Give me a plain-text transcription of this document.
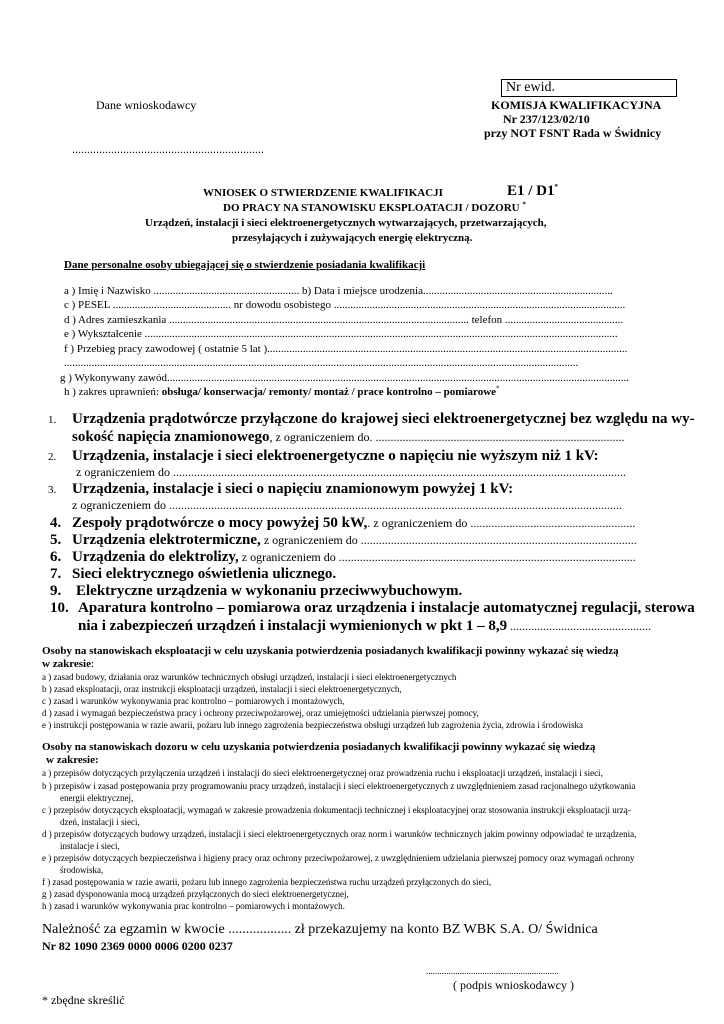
Nr ewid.
Dane wnioskodawcy	KOMISJA KWALIFIKACYJNA
Nr 237/123/02/10
przy NOT FSNT Rada w Świdnicy
................................................................
WNIOSEK O STWIERDZENIE KWALIFIKACJI	E1 / D1*
DO PRACY NA STANOWISKU EKSPLOATACJI / DOZORU *
Urządzeń, instalacji i sieci elektroenergetycznych wytwarzających, przetwarzających,
przesyłających i zużywających energię elektryczną.
Dane personalne osoby ubiegającej się o stwierdzenie posiadania kwalifikacji
a ) Imię i Nazwisko ..................................................... b) Data i miejsce urodzenia.....................................................................
c ) PESEL ........................................... nr dowodu osobistego ..........................................................................................................
d ) Adres zamieszkania ............................................................................................................. telefon ...........................................
e ) Wykształcenie ............................................................................................................................................................................
f ) Przebieg pracy zawodowej ( ostatnie 5 lat )...................................................................................................................................
...........................................................................................................................................................................................
g ) Wykonywany zawód........................................................................................................................................................................
h ) zakres uprawnień: obsługa/ konserwacja/ remonty/ montaż / prace kontrolno – pomiarowe*
1. Urządzenia prądotwórcze przyłączone do krajowej sieci elektroenergetycznej bez względu na wy-
sokość napięcia znamionowego, z ograniczeniem do. ...................................................................................
2. Urządzenia, instalacje i sieci elektroenergetyczne o napięciu nie wyższym niż 1 kV:
z ograniczeniem do .......................................................................................................................................................
3. Urządzenia, instalacje i sieci o napięciu znamionowym powyżej 1 kV:
z ograniczeniem do .......................................................................................................................................................
4. Zespoły prądotwórcze o mocy powyżej 50 kW,. z ograniczeniem do .......................................................
5. Urządzenia elektrotermiczne, z ograniczeniem do ............................................................................................
6. Urządzenia do elektrolizy, z ograniczeniem do ...................................................................................................
7. Sieci elektrycznego oświetlenia ulicznego.
9. Elektryczne urządzenia w wykonaniu przeciwwybuchowym.
10. Aparatura kontrolno – pomiarowa oraz urządzenia i instalacje automatycznej regulacji, sterowa
nia i zabezpieczeń urządzeń i instalacji wymienionych w pkt 1 – 8,9 ...............................................
Osoby na stanowiskach eksploatacji w celu uzyskania potwierdzenia posiadanych kwalifikacji powinny wykazać się wiedzą
w zakresie:
a ) zasad budowy, działania oraz warunków technicznych obsługi urządzeń, instalacji i sieci elektroenergetycznych
b ) zasad eksploatacji, oraz instrukcji eksploatacji urządzeń, instalacji i sieci elektroenergetycznych,
c ) zasad i warunków wykonywania prac kontrolno – pomiarowych i montażowych,
d ) zasad i wymagań bezpieczeństwa pracy i ochrony przeciwpożarowej, oraz umiejętności udzielania pierwszej pomocy,
e ) instrukcji postępowania w razie awarii, pożaru lub innego zagrożenia bezpieczeństwa obsługi urządzeń lub zagrożenia życia, zdrowia i środowiska
Osoby na stanowiskach dozoru w celu uzyskania potwierdzenia posiadanych kwalifikacji powinny wykazać się wiedzą
w zakresie:
a ) przepisów dotyczących przyłączenia urządzeń i instalacji do sieci elektroenergetycznej oraz prowadzenia ruchu i eksploatacji urządzeń, instalacji i sieci,
b ) przepisów i zasad postępowania przy programowaniu pracy urządzeń, instalacji i sieci elektroenergetycznych z uwzględnieniem zasad racjonalnego użytkowania
energii elektrycznej,
c ) przepisów dotyczących eksploatacji, wymagań w zakresie prowadzenia dokumentacji technicznej i eksploatacyjnej oraz stosowania instrukcji eksploatacji urzą-
dzeń, instalacji i sieci,
d ) przepisów dotyczących budowy urządzeń, instalacji i sieci elektroenergetycznych oraz norm i warunków technicznych jakim powinny odpowiadać te urządzenia,
instalacje i sieci,
e ) przepisów dotyczących bezpieczeństwa i higieny pracy oraz ochrony przeciwpożarowej, z uwzględnieniem udzielania pierwszej pomocy oraz wymagań ochrony
środowiska,
f ) zasad postępowania w razie awarii, pożaru lub innego zagrożenia bezpieczeństwa ruchu urządzeń przyłączonych do sieci,
g ) zasad dysponowania mocą urządzeń przyłączonych do sieci elektroenergetycznej,
h ) zasad i warunków wykonywania prac kontrolno – pomiarowych i montażowych.
Należność za egzamin w kwocie .................. zł przekazujemy na konto BZ WBK S.A. O/ Świdnica
Nr 82 1090 2369 0000 0006 0200 0237
...........................................................
( podpis wnioskodawcy )
* zbędne skreślić
